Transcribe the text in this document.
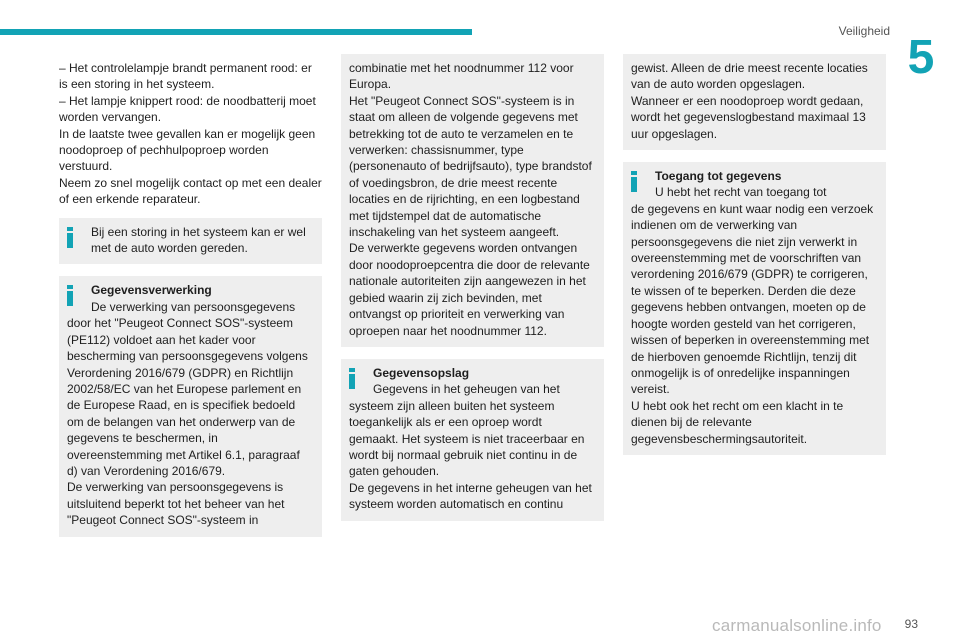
Veiligheid 5

– Het controlelampje brandt permanent rood: er is een storing in het systeem.

– Het lampje knippert rood: de noodbatterij moet worden vervangen.

In de laatste twee gevallen kan er mogelijk geen noodoproep of pechhulpoproep worden verstuurd.

Neem zo snel mogelijk contact op met een dealer of een erkende reparateur.

Bij een storing in het systeem kan er wel met de auto worden gereden.
Gegevensverwerking
De verwerking van persoonsgegevens

door het "Peugeot Connect SOS"-systeem (PE112) voldoet aan het kader voor bescherming van persoonsgegevens volgens Verordening 2016/679 (GDPR) en Richtlijn 2002/58/EC van het Europese parlement en de Europese Raad, en is specifiek bedoeld om de belangen van het onderwerp van de gegevens te beschermen, in overeenstemming met Artikel 6.1, paragraaf d) van Verordening 2016/679.

De verwerking van persoonsgegevens is uitsluitend beperkt tot het beheer van het "Peugeot Connect SOS"-systeem in

combinatie met het noodnummer 112 voor Europa.

Het "Peugeot Connect SOS"-systeem is in staat om alleen de volgende gegevens met betrekking tot de auto te verzamelen en te verwerken: chassisnummer, type (personenauto of bedrijfsauto), type brandstof of voedingsbron, de drie meest recente locaties en de rijrichting, en een logbestand met tijdstempel dat de automatische inschakeling van het systeem aangeeft.

De verwerkte gegevens worden ontvangen door noodoproepcentra die door de relevante nationale autoriteiten zijn aangewezen in het gebied waarin zij zich bevinden, met ontvangst op prioriteit en verwerking van oproepen naar het noodnummer 112.

Gegevensopslag
Gegevens in het geheugen van het

systeem zijn alleen buiten het systeem toegankelijk als er een oproep wordt gemaakt. Het systeem is niet traceerbaar en wordt bij normaal gebruik niet continu in de gaten gehouden.

De gegevens in het interne geheugen van het systeem worden automatisch en continu

gewist. Alleen de drie meest recente locaties van de auto worden opgeslagen.

Wanneer er een noodoproep wordt gedaan, wordt het gegevenslogbestand maximaal 13 uur opgeslagen.

Toegang tot gegevens
U hebt het recht van toegang tot

de gegevens en kunt waar nodig een verzoek indienen om de verwerking van persoonsgegevens die niet zijn verwerkt in overeenstemming met de voorschriften van verordening 2016/679 (GDPR) te corrigeren, te wissen of te beperken. Derden die deze gegevens hebben ontvangen, moeten op de hoogte worden gesteld van het corrigeren, wissen of beperken in overeenstemming met de hierboven genoemde Richtlijn, tenzij dit onmogelijk is of onredelijke inspanningen vereist.

U hebt ook het recht om een klacht in te dienen bij de relevante gegevensbeschermingsautoriteit.

carmanualsonline.info 93
